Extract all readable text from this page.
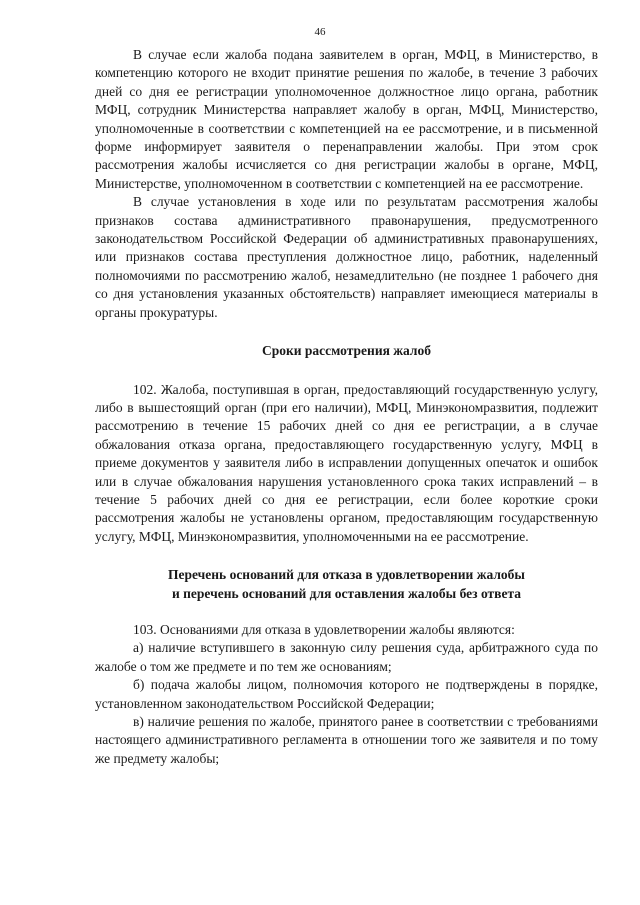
46

В случае если жалоба подана заявителем в орган, МФЦ, в Министерство, в компетенцию которого не входит принятие решения по жалобе, в течение 3 рабочих дней со дня ее регистрации уполномоченное должностное лицо органа, работник МФЦ, сотрудник Министерства направляет жалобу в орган, МФЦ, Министерство, уполномоченные в соответствии с компетенцией на ее рассмотрение, и в письменной форме информирует заявителя о перенаправлении жалобы. При этом срок рассмотрения жалобы исчисляется со дня регистрации жалобы в органе, МФЦ, Министерстве, уполномоченном в соответствии с компетенцией на ее рассмотрение.

В случае установления в ходе или по результатам рассмотрения жалобы признаков состава административного правонарушения, предусмотренного законодательством Российской Федерации об административных правонарушениях, или признаков состава преступления должностное лицо, работник, наделенный полномочиями по рассмотрению жалоб, незамедлительно (не позднее 1 рабочего дня со дня установления указанных обстоятельств) направляет имеющиеся материалы в органы прокуратуры.

Сроки рассмотрения жалоб

102. Жалоба, поступившая в орган, предоставляющий государственную услугу, либо в вышестоящий орган (при его наличии), МФЦ, Минэкономразвития, подлежит рассмотрению в течение 15 рабочих дней со дня ее регистрации, а в случае обжалования отказа органа, предоставляющего государственную услугу, МФЦ в приеме документов у заявителя либо в исправлении допущенных опечаток и ошибок или в случае обжалования нарушения установленного срока таких исправлений – в течение 5 рабочих дней со дня ее регистрации, если более короткие сроки рассмотрения жалобы не установлены органом, предоставляющим государственную услугу, МФЦ, Минэкономразвития, уполномоченными на ее рассмотрение.

Перечень оснований для отказа в удовлетворении жалобы
и перечень оснований для оставления жалобы без ответа

103. Основаниями для отказа в удовлетворении жалобы являются:

а) наличие вступившего в законную силу решения суда, арбитражного суда по жалобе о том же предмете и по тем же основаниям;

б) подача жалобы лицом, полномочия которого не подтверждены в порядке, установленном законодательством Российской Федерации;

в) наличие решения по жалобе, принятого ранее в соответствии с требованиями настоящего административного регламента в отношении того же заявителя и по тому же предмету жалобы;
